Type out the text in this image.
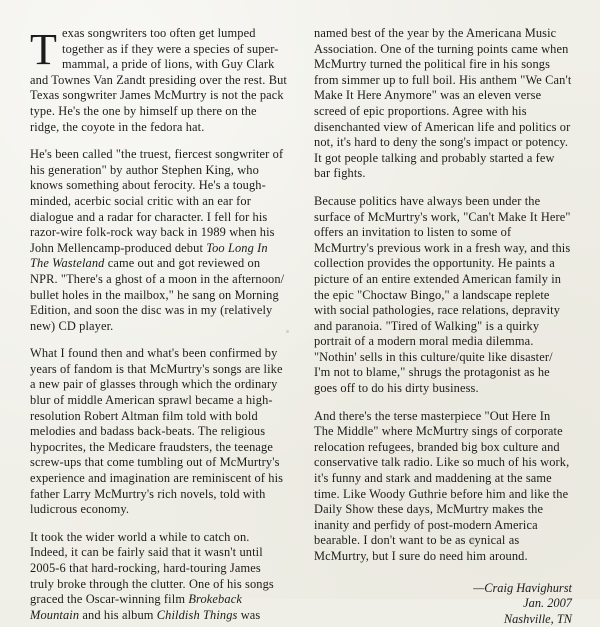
Texas songwriters too often get lumped together as if they were a species of super-mammal, a pride of lions, with Guy Clark and Townes Van Zandt presiding over the rest. But Texas songwriter James McMurtry is not the pack type. He's the one by himself up there on the ridge, the coyote in the fedora hat.

He's been called "the truest, fiercest songwriter of his generation" by author Stephen King, who knows something about ferocity. He's a tough-minded, acerbic social critic with an ear for dialogue and a radar for character. I fell for his razor-wire folk-rock way back in 1989 when his John Mellencamp-produced debut Too Long In The Wasteland came out and got reviewed on NPR. "There's a ghost of a moon in the afternoon/ bullet holes in the mailbox," he sang on Morning Edition, and soon the disc was in my (relatively new) CD player.

What I found then and what's been confirmed by years of fandom is that McMurtry's songs are like a new pair of glasses through which the ordinary blur of middle American sprawl became a high-resolution Robert Altman film told with bold melodies and badass back-beats. The religious hypocrites, the Medicare fraudsters, the teenage screw-ups that come tumbling out of McMurtry's experience and imagination are reminiscent of his father Larry McMurtry's rich novels, told with ludicrous economy.

It took the wider world a while to catch on. Indeed, it can be fairly said that it wasn't until 2005-6 that hard-rocking, hard-touring James truly broke through the clutter. One of his songs graced the Oscar-winning film Brokeback Mountain and his album Childish Things was

named best of the year by the Americana Music Association. One of the turning points came when McMurtry turned the political fire in his songs from simmer up to full boil. His anthem "We Can't Make It Here Anymore" was an eleven verse screed of epic proportions. Agree with his disenchanted view of American life and politics or not, it's hard to deny the song's impact or potency. It got people talking and probably started a few bar fights.

Because politics have always been under the surface of McMurtry's work, "Can't Make It Here" offers an invitation to listen to some of McMurtry's previous work in a fresh way, and this collection provides the opportunity. He paints a picture of an entire extended American family in the epic "Choctaw Bingo," a landscape replete with social pathologies, race relations, depravity and paranoia. "Tired of Walking" is a quirky portrait of a modern moral media dilemma. "Nothin' sells in this culture/quite like disaster/ I'm not to blame," shrugs the protagonist as he goes off to do his dirty business.

And there's the terse masterpiece "Out Here In The Middle" where McMurtry sings of corporate relocation refugees, branded big box culture and conservative talk radio. Like so much of his work, it's funny and stark and maddening at the same time. Like Woody Guthrie before him and like the Daily Show these days, McMurtry makes the inanity and perfidy of post-modern America bearable. I don't want to be as cynical as McMurtry, but I sure do need him around.

—Craig Havighurst
Jan. 2007
Nashville, TN
